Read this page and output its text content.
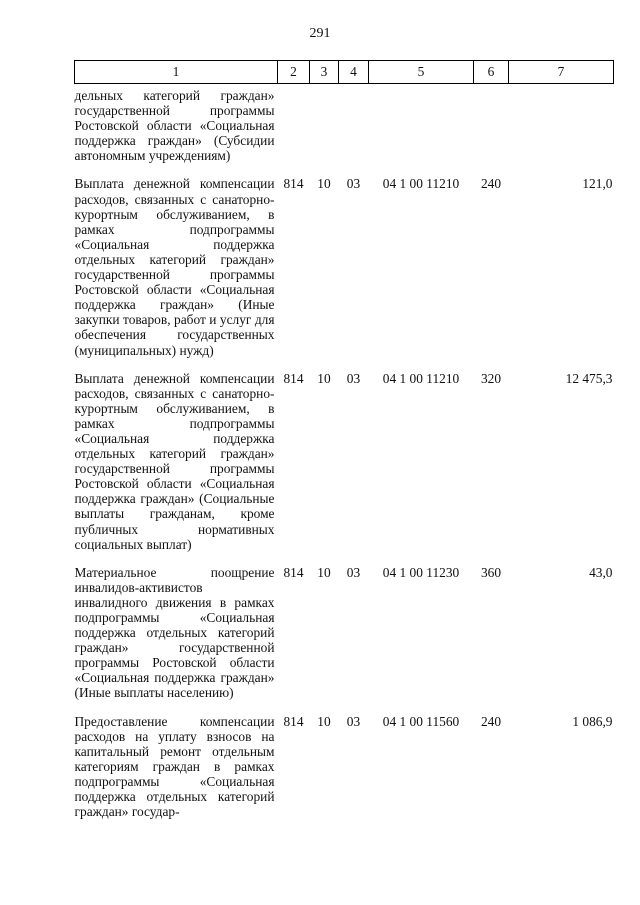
291
1	2	3	4	5	6	7
дельных категорий граждан» государственной программы Ростовской области «Социальная поддержка граждан» (Субсидии автономным учреждениям)						
Выплата денежной компенсации расходов, связанных с санаторно-курортным обслуживанием, в рамках подпрограммы «Социальная поддержка отдельных категорий граждан» государственной программы Ростовской области «Социальная поддержка граждан» (Иные закупки товаров, работ и услуг для обеспечения государственных (муниципальных) нужд)	814	10	03	04 1 00 11210	240	121,0
Выплата денежной компенсации расходов, связанных с санаторно-курортным обслуживанием, в рамках подпрограммы «Социальная поддержка отдельных категорий граждан» государственной программы Ростовской области «Социальная поддержка граждан» (Социальные выплаты гражданам, кроме публичных нормативных социальных выплат)	814	10	03	04 1 00 11210	320	12 475,3
Материальное поощрение инвалидов-активистов инвалидного движения в рамках подпрограммы «Социальная поддержка отдельных категорий граждан» государственной программы Ростовской области «Социальная поддержка граждан» (Иные выплаты населению)	814	10	03	04 1 00 11230	360	43,0
Предоставление компенсации расходов на уплату взносов на капитальный ремонт отдельным категориям граждан в рамках подпрограммы «Социальная поддержка отдельных категорий граждан» государ-	814	10	03	04 1 00 11560	240	1 086,9
